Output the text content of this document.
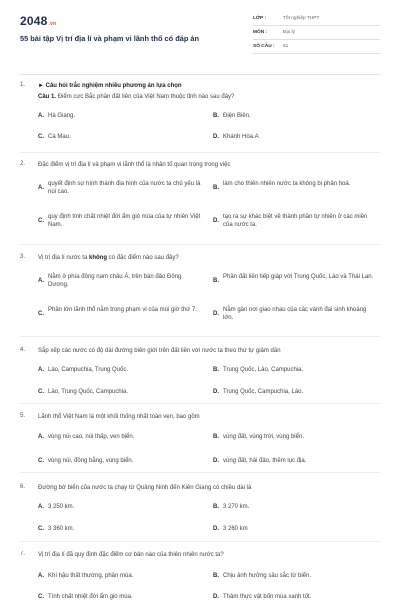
2048.vn
55 bài tập Vị trí địa lí và phạm vi lãnh thổ có đáp án
LỚP :	Tốt nghiệp THPT
MÔN :	Địa lý
SỐ CÂU :	61
1. ► Câu hỏi trắc nghiệm nhiều phương án lựa chọn
Câu 1. Điểm cực Bắc phần đất liền của Việt Nam thuộc tỉnh nào sau đây?
A. Hà Giang.	B. Điện Biên.
C. Cà Mau.	D. Khánh Hòa.A
2. Đặc điểm vị trí địa lí và phạm vi lãnh thổ là nhân tố quan trọng trong việc
A.
quyết định sự hình thành địa hình của nước ta chủ yếu là núi cao.
B.
làm cho thiên nhiên nước ta không bị phân hoá.
C.
quy định tính chất nhiệt đới ẩm gió mùa của tự nhiên Việt Nam.
D.
tạo ra sự khác biệt về thành phần tự nhiên ở các miền của nước ta.
3. Vị trí địa lí nước ta không có đặc điểm nào sau đây?
A.
Nằm ở phía đông nam châu Á, trên bán đảo Đông Dương.
B.
Phần đất liền tiếp giáp với Trung Quốc, Lào và Thái Lan.
C.
Phần lớn lãnh thổ nằm trong phạm vi của múi giờ thứ 7.
D.
Nằm gần nơi giao nhau của các vành đai sinh khoáng lớn.
4. Sắp xếp các nước có độ dài đường biên giới trên đất liền với nước ta theo thứ tự giảm dần
A. Lào, Campuchia, Trung Quốc.	B. Trung Quốc, Lào, Campuchia.
C. Lào, Trung Quốc, Campuchia.	D. Trung Quốc, Campuchia, Lào.
5. Lãnh thổ Việt Nam là một khối thống nhất toàn vẹn, bao gồm
A. vùng núi cao, núi thấp, ven biển.	B. vùng đất, vùng trời, vùng biển.
C. vùng núi, đồng bằng, vùng biển.	D. vùng đất, hải đảo, thềm lục địa.
6. Đường bờ biển của nước ta chạy từ Quảng Ninh đến Kiên Giang có chiều dài là
A. 3 250 km.	B. 3 270 km.
C. 3 360 km.	D. 3 260 km
7. Vị trí địa lí đã quy định đặc điểm cơ bản nào của thiên nhiên nước ta?
A. Khí hậu thất thường, phân mùa.	B. Chịu ảnh hưởng sâu sắc từ biển.
C. Tính chất nhiệt đới ẩm gió mùa.	D. Thảm thực vật bốn mùa xanh tốt.
